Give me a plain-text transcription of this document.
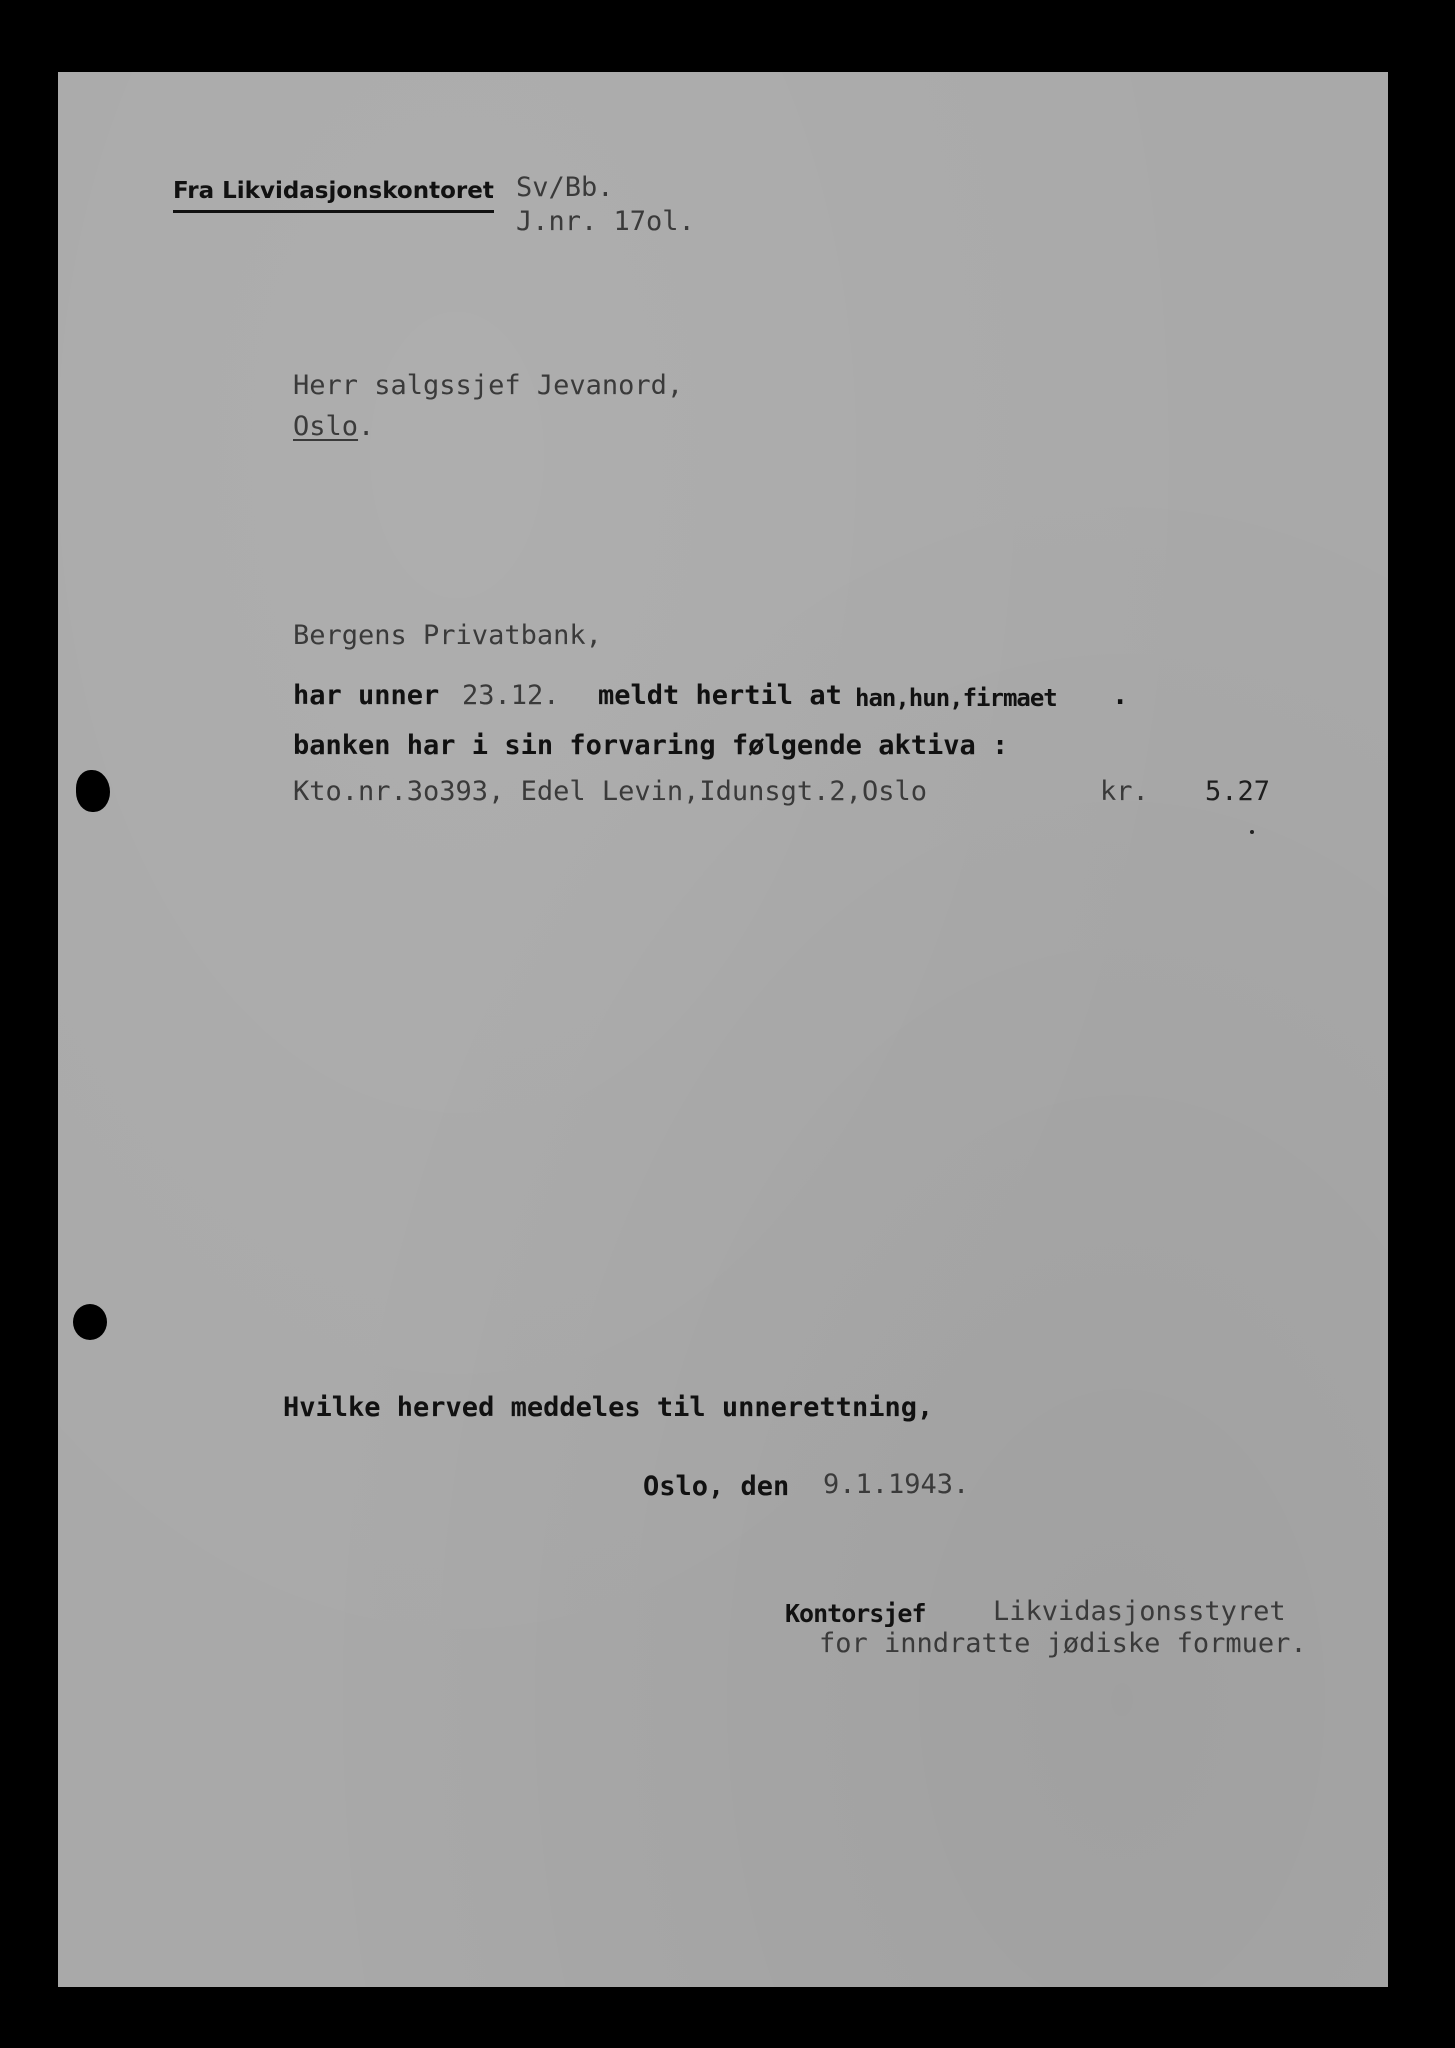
Fra Likvidasjonskontoret Sv/Bb.
J.nr. 17ol.
Herr salgssjef Jevanord,
Oslo.
Bergens Privatbank,
har unner 23.12. meldt hertil at han,hun,firmaet .
banken har i sin forvaring følgende aktiva :
Kto.nr.3o393, Edel Levin,Idunsgt.2,Oslo	kr. 5.27
Hvilke herved meddeles til unnerettning,
Oslo, den 9.1.1943.
Kontorsjef Likvidasjonsstyret
for inndratte jødiske formuer.
